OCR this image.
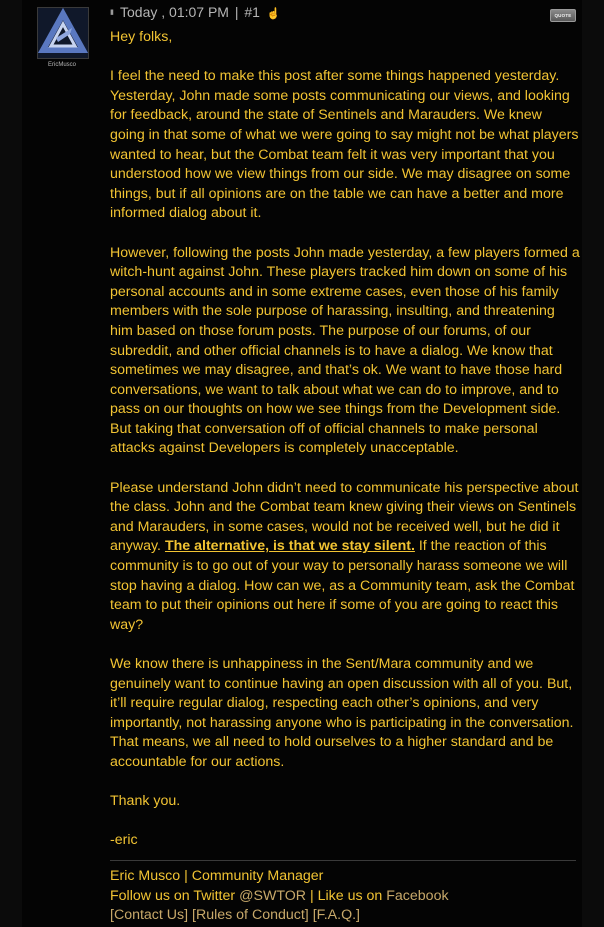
EricMusco
▮ Today , 01:07 PM | #1 ☝	QUOTE

Hey folks,

I feel the need to make this post after some things happened yesterday. Yesterday, John made some posts communicating our views, and looking for feedback, around the state of Sentinels and Marauders. We knew going in that some of what we were going to say might not be what players wanted to hear, but the Combat team felt it was very important that you understood how we view things from our side. We may disagree on some things, but if all opinions are on the table we can have a better and more informed dialog about it.

However, following the posts John made yesterday, a few players formed a witch-hunt against John. These players tracked him down on some of his personal accounts and in some extreme cases, even those of his family members with the sole purpose of harassing, insulting, and threatening him based on those forum posts. The purpose of our forums, of our subreddit, and other official channels is to have a dialog. We know that sometimes we may disagree, and that’s ok. We want to have those hard conversations, we want to talk about what we can do to improve, and to pass on our thoughts on how we see things from the Development side. But taking that conversation off of official channels to make personal attacks against Developers is completely unacceptable.

Please understand John didn’t need to communicate his perspective about the class. John and the Combat team knew giving their views on Sentinels and Marauders, in some cases, would not be received well, but he did it anyway. The alternative, is that we stay silent. If the reaction of this community is to go out of your way to personally harass someone we will stop having a dialog. How can we, as a Community team, ask the Combat team to put their opinions out here if some of you are going to react this way?

We know there is unhappiness in the Sent/Mara community and we genuinely want to continue having an open discussion with all of you. But, it’ll require regular dialog, respecting each other’s opinions, and very importantly, not harassing anyone who is participating in the conversation. That means, we all need to hold ourselves to a higher standard and be accountable for our actions.

Thank you.

-eric

Eric Musco | Community Manager
Follow us on Twitter @SWTOR | Like us on Facebook
[Contact Us] [Rules of Conduct] [F.A.Q.]
